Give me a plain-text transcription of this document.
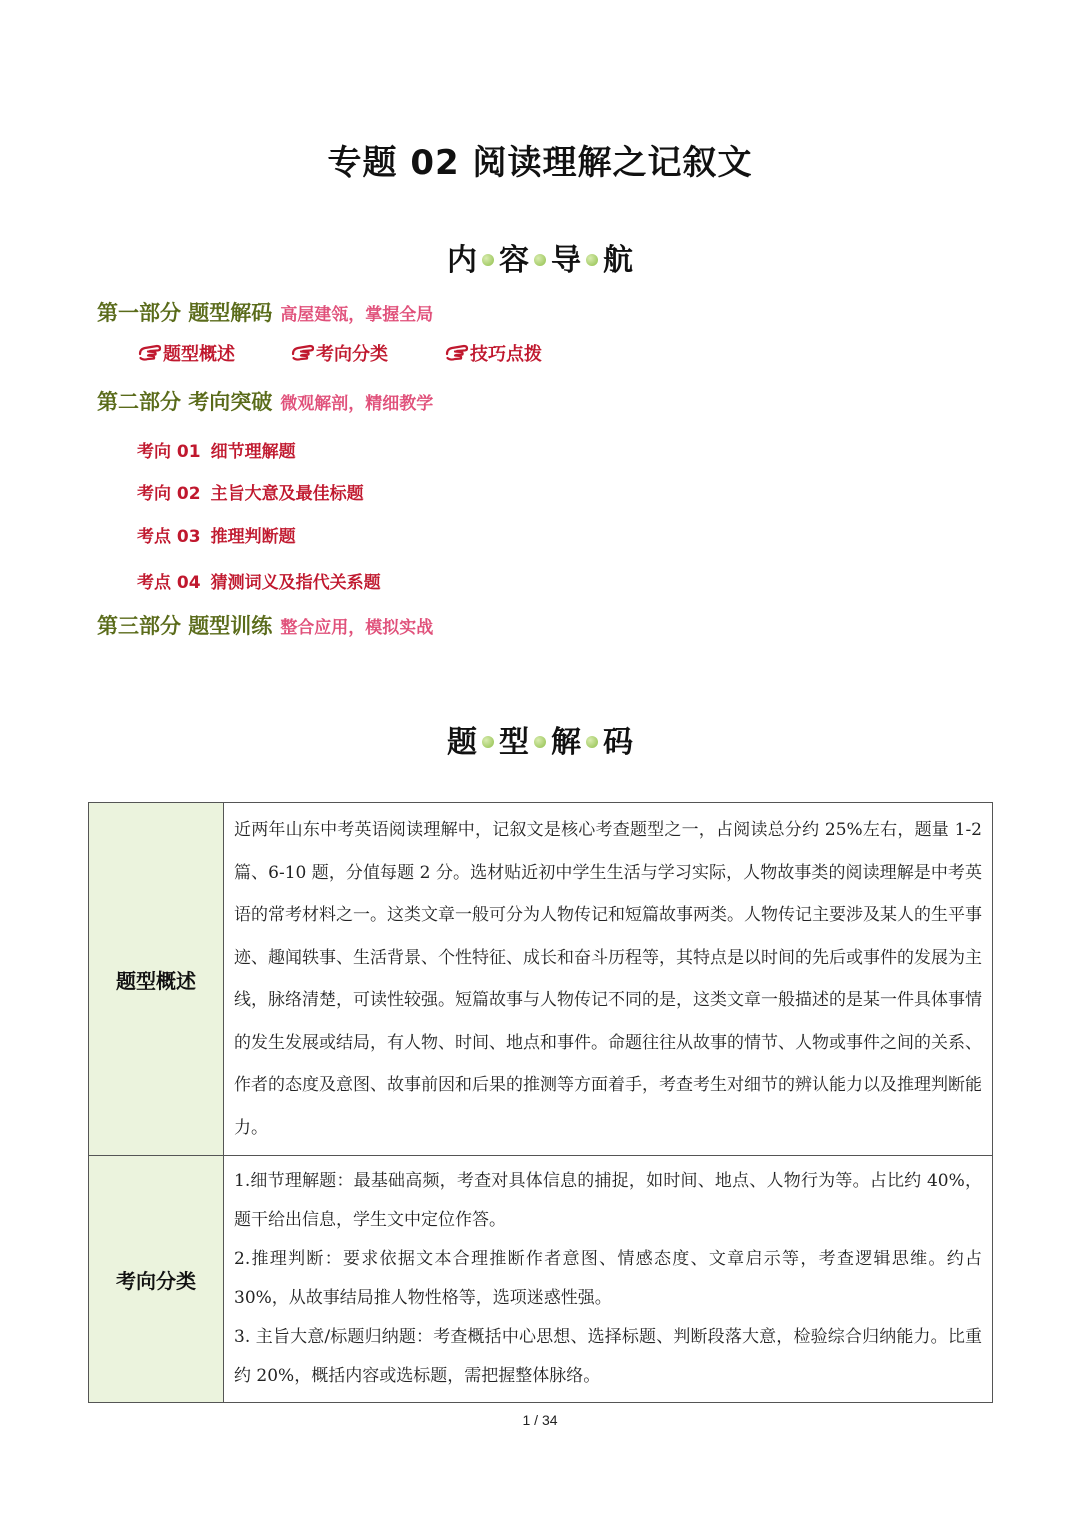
专题 02 阅读理解之记叙文
内 容 导 航
第一部分 题型解码 高屋建瓴，掌握全局
题型概述	考向分类	技巧点拨
第二部分 考向突破 微观解剖，精细教学
考向 01 细节理解题
考向 02 主旨大意及最佳标题
考点 03 推理判断题
考点 04 猜测词义及指代关系题
第三部分 题型训练 整合应用，模拟实战
题 型 解 码
题型概述	近两年山东中考英语阅读理解中，记叙文是核心考查题型之一，占阅读总分约 25%左右，题量 1-2 篇、6-10 题，分值每题 2 分。选材贴近初中学生生活与学习实际，人物故事类的阅读理解是中考英语的常考材料之一。这类文章一般可分为人物传记和短篇故事两类。人物传记主要涉及某人的生平事迹、趣闻轶事、生活背景、个性特征、成长和奋斗历程等，其特点是以时间的先后或事件的发展为主线，脉络清楚，可读性较强。短篇故事与人物传记不同的是，这类文章一般描述的是某一件具体事情的发生发展或结局，有人物、时间、地点和事件。命题往往从故事的情节、人物或事件之间的关系、作者的态度及意图、故事前因和后果的推测等方面着手，考查考生对细节的辨认能力以及推理判断能力。

考向分类	1.细节理解题：最基础高频，考查对具体信息的捕捉，如时间、地点、人物行为等。占比约 40%，题干给出信息，学生文中定位作答。

2.推理判断：要求依据文本合理推断作者意图、情感态度、文章启示等，考查逻辑思维。约占 30%，从故事结局推人物性格等，选项迷惑性强。

3. 主旨大意/标题归纳题：考查概括中心思想、选择标题、判断段落大意，检验综合归纳能力。比重约 20%，概括内容或选标题，需把握整体脉络。

1 / 34
